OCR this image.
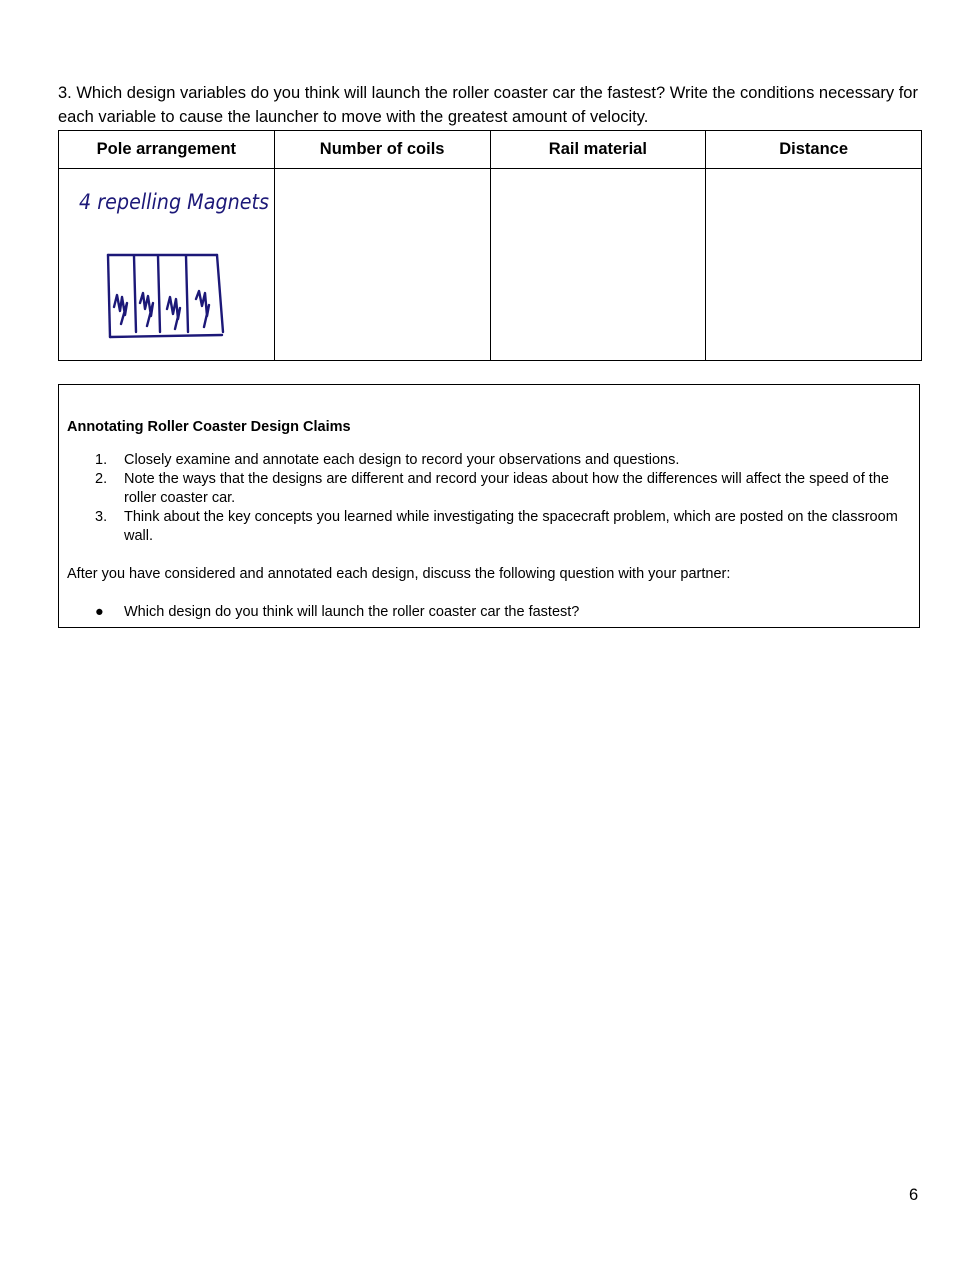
3. Which design variables do you think will launch the roller coaster car the fastest? Write the conditions necessary for each variable to cause the launcher to move with the greatest amount of velocity.
Pole arrangement	Number of coils	Rail material	Distance

4 repelling Magnets			

Annotating Roller Coaster Design Claims
1. Closely examine and annotate each design to record your observations and questions.
2. Note the ways that the designs are different and record your ideas about how the differences will affect the speed of the roller coaster car.
3. Think about the key concepts you learned while investigating the spacecraft problem, which are posted on the classroom wall.
After you have considered and annotated each design, discuss the following question with your partner:
● Which design do you think will launch the roller coaster car the fastest?
6
